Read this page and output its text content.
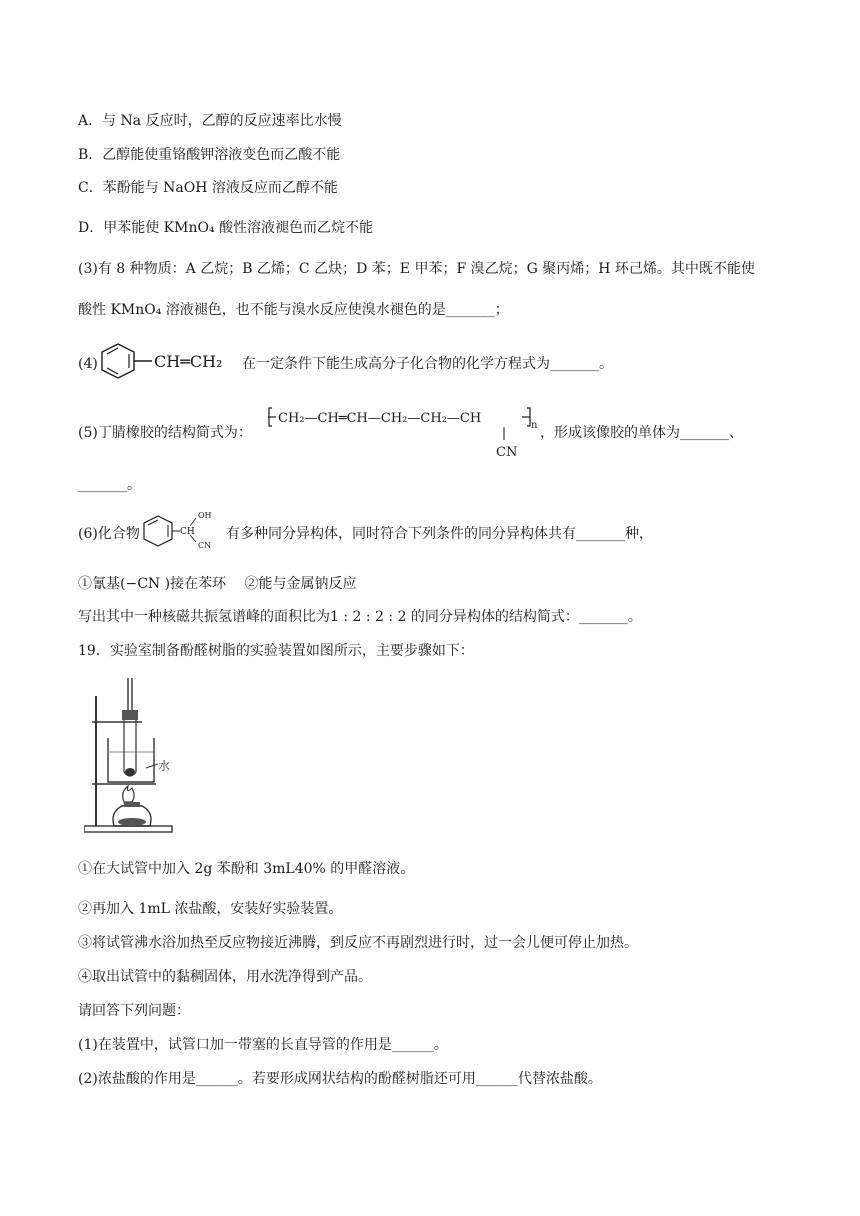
A．与 Na 反应时，乙醇的反应速率比水慢
B．乙醇能使重铬酸钾溶液变色而乙酸不能
C．苯酚能与 NaOH 溶液反应而乙醇不能
D．甲苯能使 KMnO₄ 酸性溶液褪色而乙烷不能
(3)有 8 种物质：A 乙烷；B 乙烯；C 乙炔；D 苯；E 甲苯；F 溴乙烷；G 聚丙烯；H 环己烯。其中既不能使
酸性 KMnO₄ 溶液褪色，也不能与溴水反应使溴水褪色的是_______；
(4)	CH═CH₂ 在一定条件下能生成高分子化合物的化学方程式为_______。
(5)丁腈橡胶的结构简式为：
CH₂—CH═CH—CH₂—CH₂—CH	n
CN
，形成该像胶的单体为_______、
_______。
(6)化合物	CH
OH
CN
有多种同分异构体，同时符合下列条件的同分异构体共有_______种，
①氰基(−CN )接在苯环　 ②能与金属钠反应
写出其中一种核磁共振氢谱峰的面积比为1 : 2 : 2 : 2 的同分异构体的结构简式：_______。
19．实验室制备酚醛树脂的实验装置如图所示，主要步骤如下：
水
①在大试管中加入 2g 苯酚和 3mL40% 的甲醛溶液。
②再加入 1mL 浓盐酸，安装好实验装置。
③将试管沸水浴加热至反应物接近沸腾，到反应不再剧烈进行时，过一会儿便可停止加热。
④取出试管中的黏稠固体，用水洗净得到产品。
请回答下列问题：
(1)在装置中，试管口加一带塞的长直导管的作用是______。
(2)浓盐酸的作用是______。若要形成网状结构的酚醛树脂还可用______代替浓盐酸。
